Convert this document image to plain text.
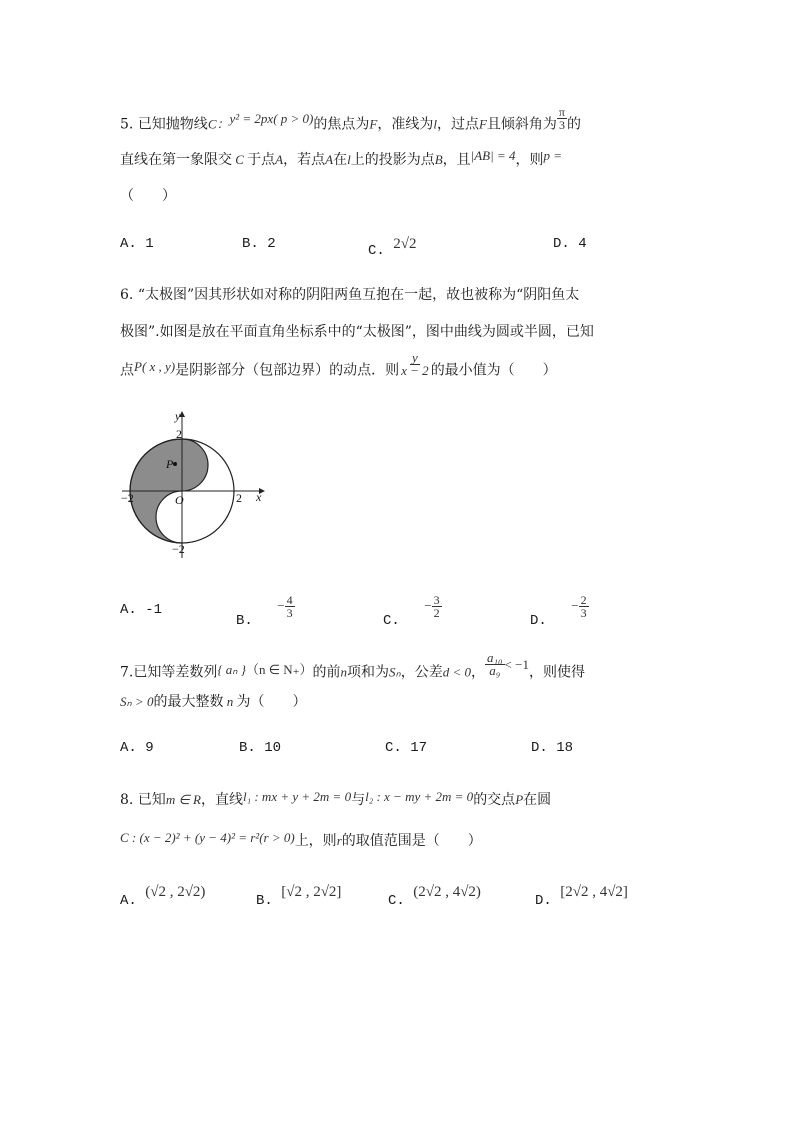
5. 已知抛物线C：y² = 2px( p > 0)的焦点为F，准线为l，过点F且倾斜角为 $\frac{\pi}{3}$ 的
直线在第一象限交 C 于点A，若点A在l上的投影为点B，且|AB| = 4，则p =
（　　）
A. 1	B. 2	C. 2√2	D. 4
6. “太极图”因其形状如对称的阴阳两鱼互抱在一起，故也被称为“阴阳鱼太
极图”.如图是放在平面直角坐标系中的“太极图”，图中曲线为圆或半圆，已知
点P( x , y)是阴影部分（包部边界）的动点．则 $\frac{y}{x - 2}$ 的最小值为（　　）
P
y
x
O
2
−2
−2	2
A. -1
B. − $\frac{4}{3}$
C. − $\frac{3}{2}$
D. − $\frac{2}{3}$
7.已知等差数列{ aₙ }（n ∈ N₊）的前n项和为Sₙ，公差d < 0， $\frac{\text{a₁₀}}{\text{a₉}} < -1$，则使得
Sₙ > 0的最大整数 n 为（　　）
A. 9	B. 10	C. 17	D. 18
8. 已知m ∈ R，直线l₁ : mx + y + 2m = 0与l₂ : x − my + 2m = 0的交点P在圆
C : (x − 2)² + (y − 4)² = r²(r > 0)上，则r的取值范围是（　　）
A. (√2 , 2√2)
B. [√2 , 2√2]
C. (2√2 , 4√2)
D. [2√2 , 4√2]
